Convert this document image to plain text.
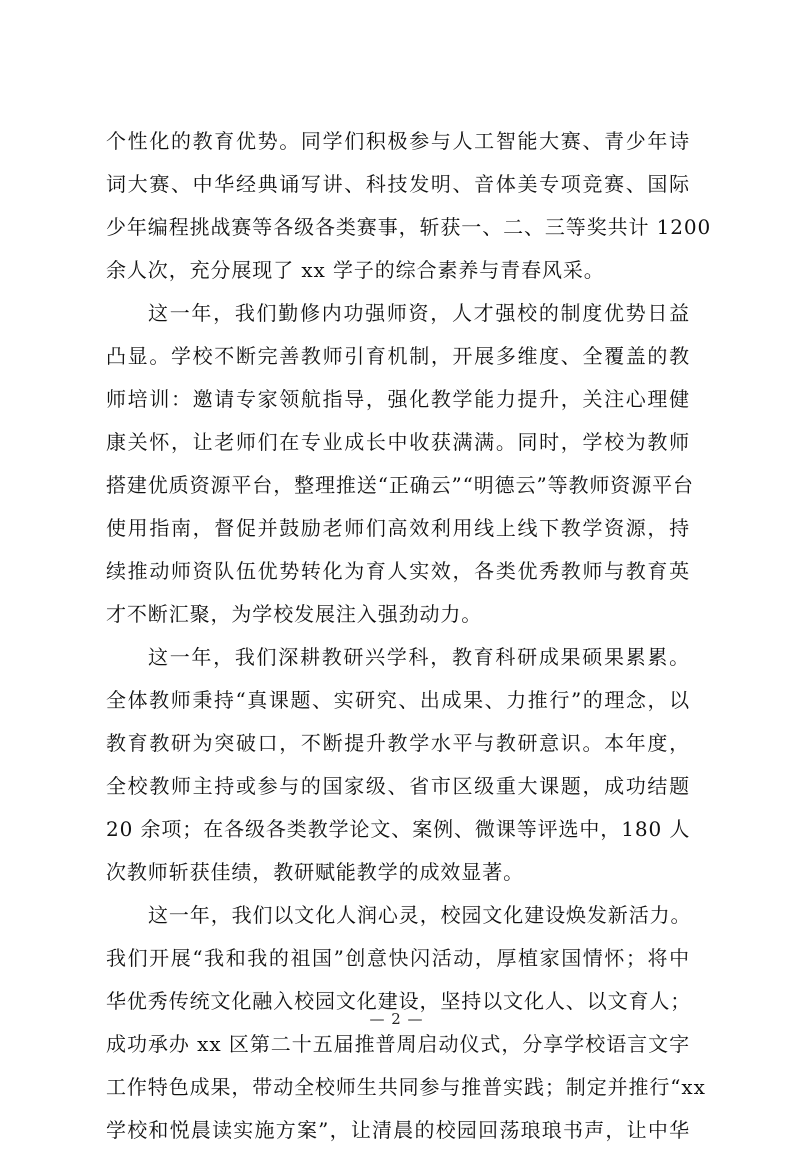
个性化的教育优势。同学们积极参与人工智能大赛、青少年诗
词大赛、中华经典诵写讲、科技发明、音体美专项竞赛、国际
少年编程挑战赛等各级各类赛事，斩获一、二、三等奖共计 1200
余人次，充分展现了 xx 学子的综合素养与青春风采。
这一年，我们勤修内功强师资，人才强校的制度优势日益
凸显。学校不断完善教师引育机制，开展多维度、全覆盖的教
师培训：邀请专家领航指导，强化教学能力提升，关注心理健
康关怀，让老师们在专业成长中收获满满。同时，学校为教师
搭建优质资源平台，整理推送“正确云”“明德云”等教师资源平台
使用指南，督促并鼓励老师们高效利用线上线下教学资源，持
续推动师资队伍优势转化为育人实效，各类优秀教师与教育英
才不断汇聚，为学校发展注入强劲动力。
这一年，我们深耕教研兴学科，教育科研成果硕果累累。
全体教师秉持“真课题、实研究、出成果、力推行”的理念，以
教育教研为突破口，不断提升教学水平与教研意识。本年度，
全校教师主持或参与的国家级、省市区级重大课题，成功结题
20 余项；在各级各类教学论文、案例、微课等评选中，180 人
次教师斩获佳绩，教研赋能教学的成效显著。
这一年，我们以文化人润心灵，校园文化建设焕发新活力。
我们开展“我和我的祖国”创意快闪活动，厚植家国情怀；将中
华优秀传统文化融入校园文化建设，坚持以文化人、以文育人；
成功承办 xx 区第二十五届推普周启动仪式，分享学校语言文字
工作特色成果，带动全校师生共同参与推普实践；制定并推行“xx
学校和悦晨读实施方案”，让清晨的校园回荡琅琅书声，让中华
— 2 —
